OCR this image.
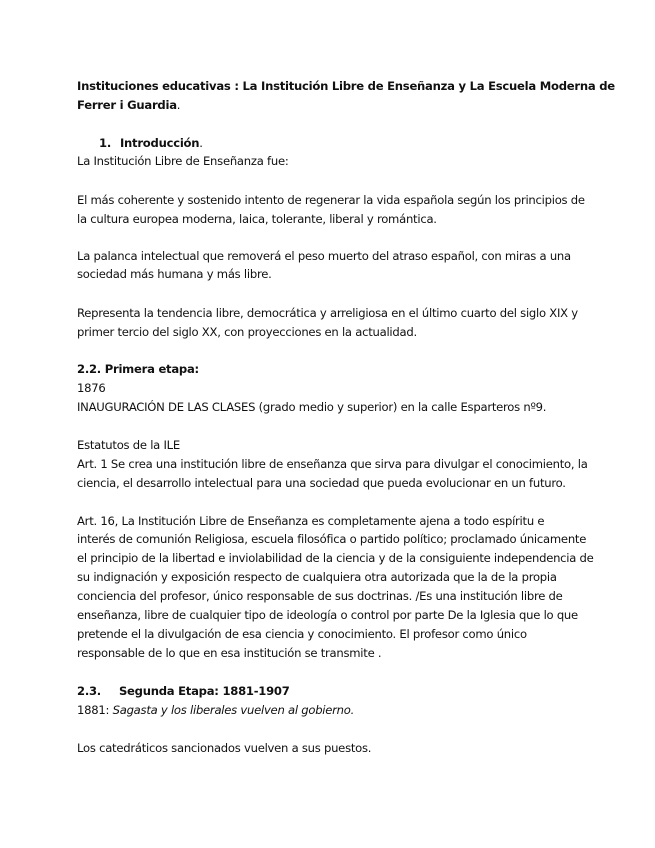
Instituciones educativas : La Institución Libre de Enseñanza y La Escuela Moderna de
Ferrer i Guardia.
1. Introducción.
La Institución Libre de Enseñanza fue:
El más coherente y sostenido intento de regenerar la vida española según los principios de
la cultura europea moderna, laica, tolerante, liberal y romántica.
La palanca intelectual que removerá el peso muerto del atraso español, con miras a una
sociedad más humana y más libre.
Representa la tendencia libre, democrática y arreligiosa en el último cuarto del siglo XIX y
primer tercio del siglo XX, con proyecciones en la actualidad.
2.2. Primera etapa:
1876
INAUGURACIÓN DE LAS CLASES (grado medio y superior) en la calle Esparteros nº9.
Estatutos de la ILE
Art. 1 Se crea una institución libre de enseñanza que sirva para divulgar el conocimiento, la
ciencia, el desarrollo intelectual para una sociedad que pueda evolucionar en un futuro.
Art. 16, La Institución Libre de Enseñanza es completamente ajena a todo espíritu e
interés de comunión Religiosa, escuela filosófica o partido político; proclamado únicamente
el principio de la libertad e inviolabilidad de la ciencia y de la consiguiente independencia de
su indignación y exposición respecto de cualquiera otra autorizada que la de la propia
conciencia del profesor, único responsable de sus doctrinas. /Es una institución libre de
enseñanza, libre de cualquier tipo de ideología o control por parte De la Iglesia que lo que
pretende el la divulgación de esa ciencia y conocimiento. El profesor como único
responsable de lo que en esa institución se transmite .
2.3. Segunda Etapa: 1881-1907
1881: Sagasta y los liberales vuelven al gobierno.
Los catedráticos sancionados vuelven a sus puestos.
